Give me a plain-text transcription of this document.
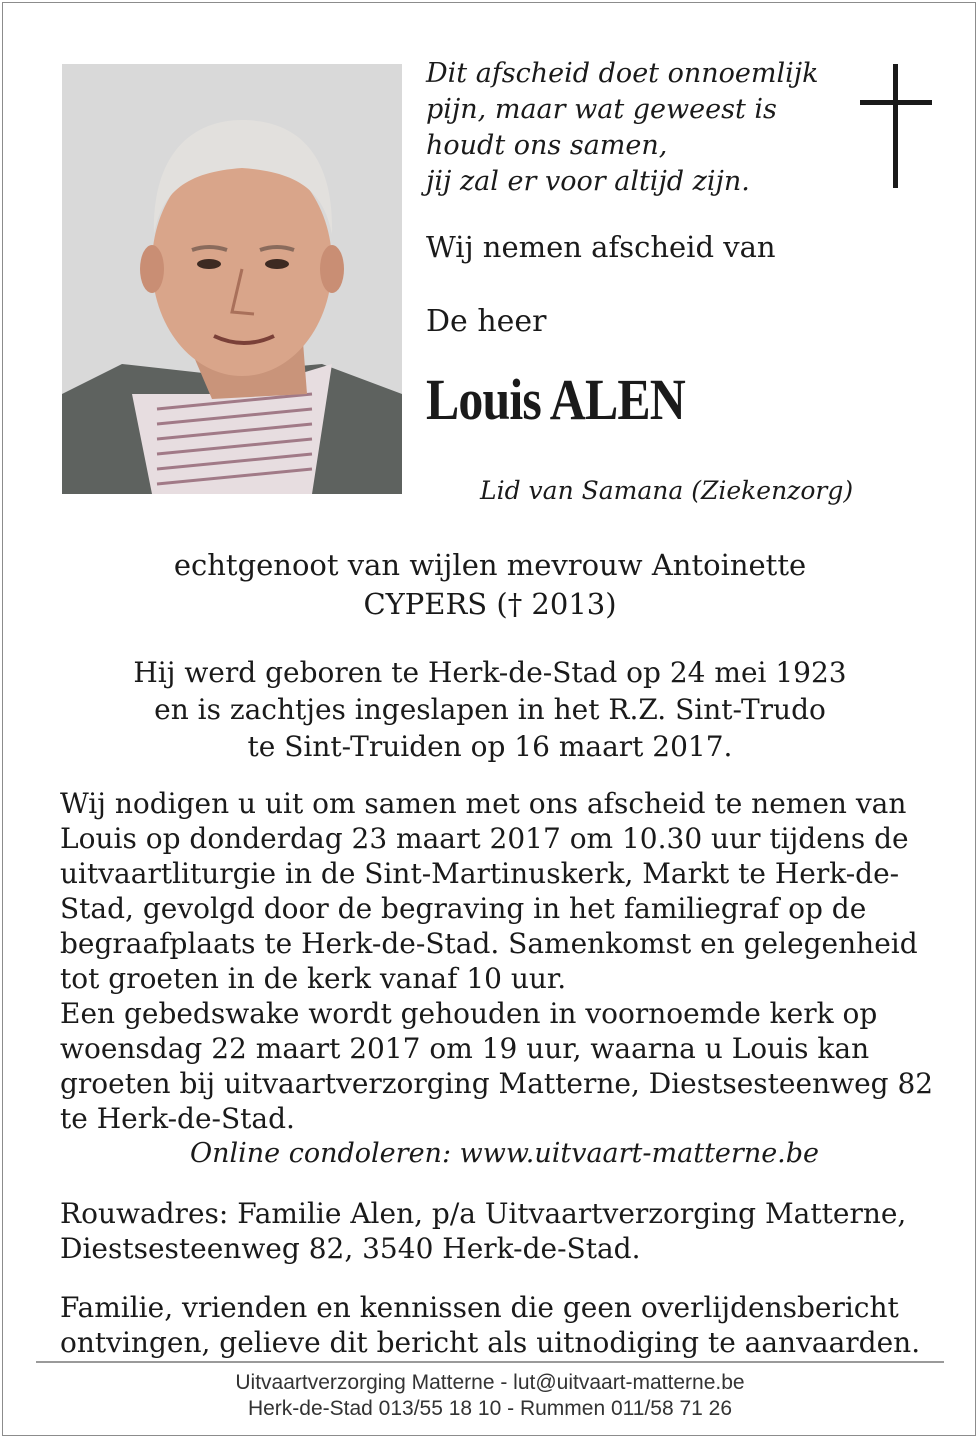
Dit afscheid doet onnoemlijk
pijn, maar wat geweest is
houdt ons samen,
jij zal er voor altijd zijn.
Wij nemen afscheid van
De heer
Louis ALEN
Lid van Samana (Ziekenzorg)
echtgenoot van wijlen mevrouw Antoinette
CYPERS († 2013)
Hij werd geboren te Herk-de-Stad op 24 mei 1923
en is zachtjes ingeslapen in het R.Z. Sint-Trudo
te Sint-Truiden op 16 maart 2017.
Wij nodigen u uit om samen met ons afscheid te nemen van
Louis op donderdag 23 maart 2017 om 10.30 uur tijdens de
uitvaartliturgie in de Sint-Martinuskerk, Markt te Herk-de-
Stad, gevolgd door de begraving in het familiegraf op de
begraafplaats te Herk-de-Stad. Samenkomst en gelegenheid
tot groeten in de kerk vanaf 10 uur.
Een gebedswake wordt gehouden in voornoemde kerk op
woensdag 22 maart 2017 om 19 uur, waarna u Louis kan
groeten bij uitvaartverzorging Matterne, Diestsesteenweg 82
te Herk-de-Stad.
Online condoleren: www.uitvaart-matterne.be
Rouwadres: Familie Alen, p/a Uitvaartverzorging Matterne,
Diestsesteenweg 82, 3540 Herk-de-Stad.
Familie, vrienden en kennissen die geen overlijdensbericht
ontvingen, gelieve dit bericht als uitnodiging te aanvaarden.
Uitvaartverzorging Matterne - lut@uitvaart-matterne.be
Herk-de-Stad 013/55 18 10 - Rummen 011/58 71 26
